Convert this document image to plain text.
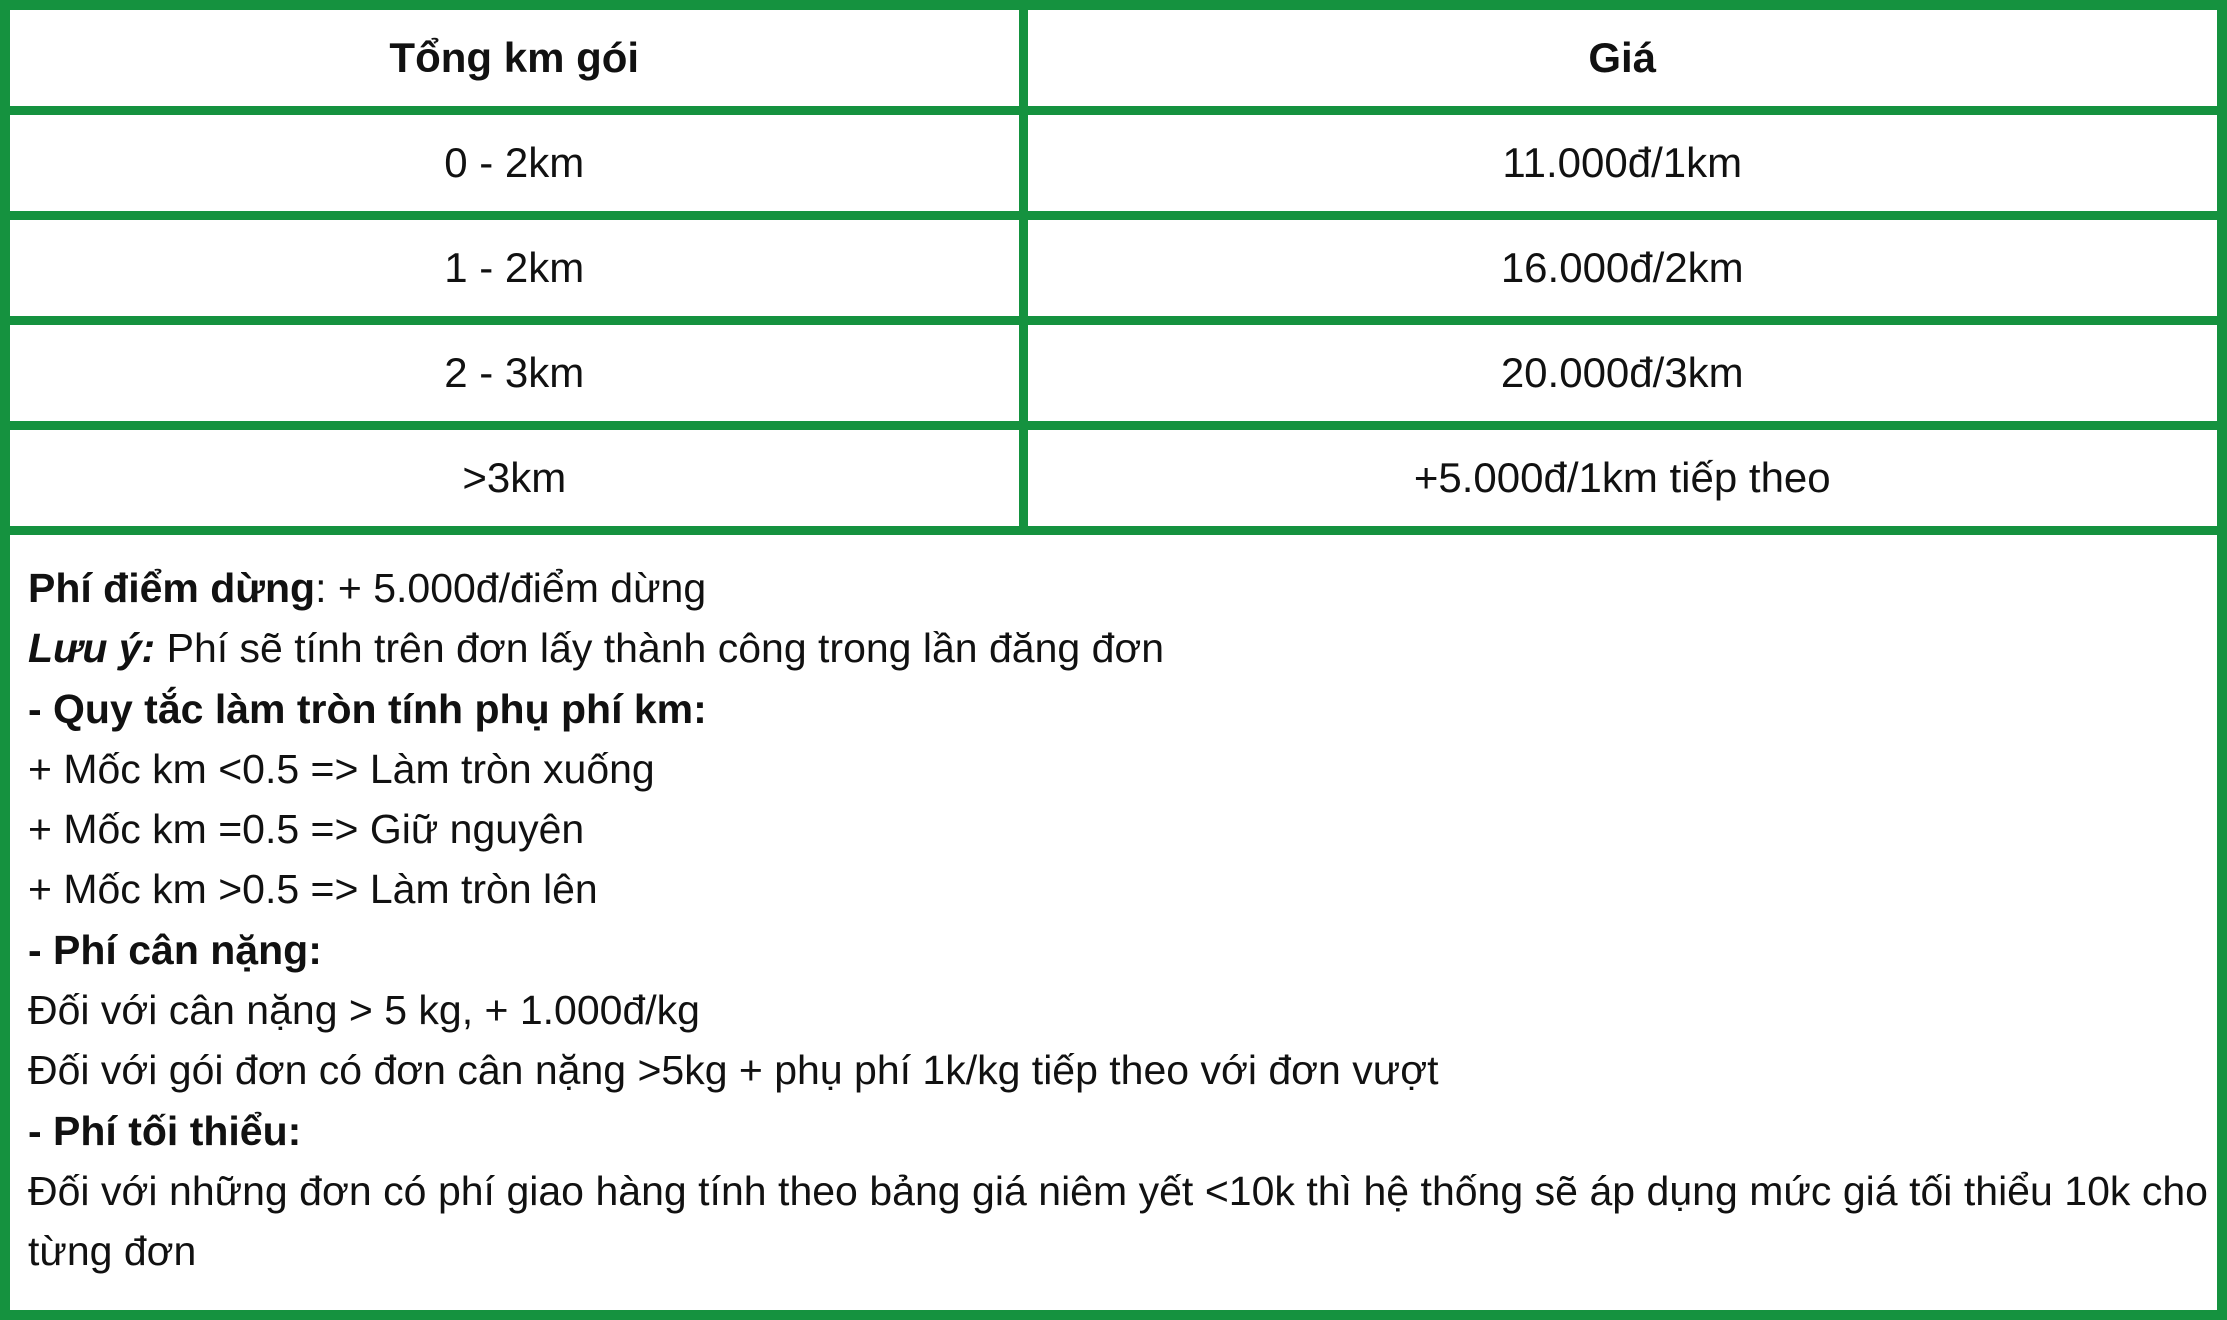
Tổng km gói	Giá
0 - 2km	11.000đ/1km
1 - 2km	16.000đ/2km
2 - 3km	20.000đ/3km
>3km	+5.000đ/1km tiếp theo
Phí điểm dừng: + 5.000đ/điểm dừng
Lưu ý: Phí sẽ tính trên đơn lấy thành công trong lần đăng đơn
- Quy tắc làm tròn tính phụ phí km:
+ Mốc km <0.5 => Làm tròn xuống
+ Mốc km =0.5 => Giữ nguyên
+ Mốc km >0.5 => Làm tròn lên
- Phí cân nặng:
Đối với cân nặng > 5 kg, + 1.000đ/kg
Đối với gói đơn có đơn cân nặng >5kg + phụ phí 1k/kg tiếp theo với đơn vượt
- Phí tối thiểu:
Đối với những đơn có phí giao hàng tính theo bảng giá niêm yết <10k thì hệ thống sẽ áp dụng mức giá tối thiểu 10k cho từng đơn
